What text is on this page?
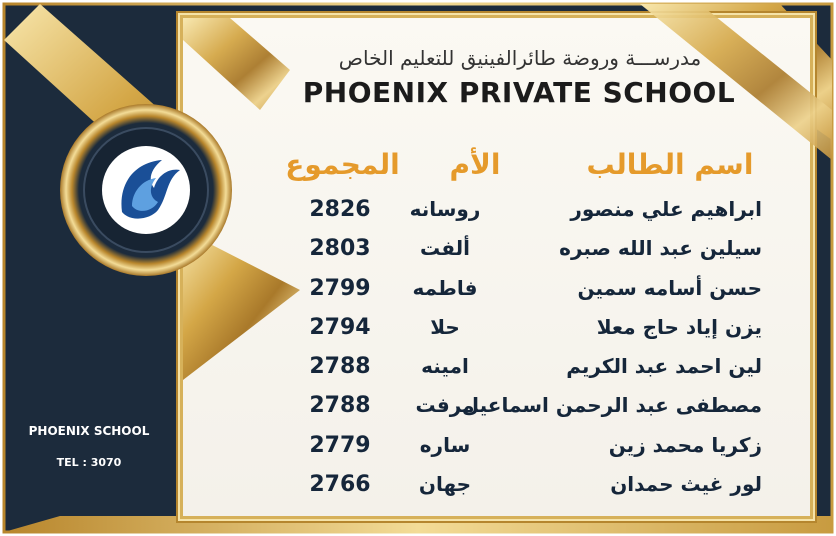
مدرســـة وروضة طائرالفينيق للتعليم الخاص
PHOENIX PRIVATE SCHOOL
اسم الطالب
الأم
المجموع
ابراهيم علي منصور
روسانه
2826
سيلين عبد الله صبره
ألفت
2803
حسن أسامه سمين
فاطمه
2799
يزن إياد حاج معلا
حلا
2794
لين احمد عبد الكريم
امينه
2788
مصطفى عبد الرحمن اسماعيل
مرفت
2788
زكريا محمد زين
ساره
2779
لور غيث حمدان
جهان
2766
PHOENIX SCHOOL
TEL : 3070
